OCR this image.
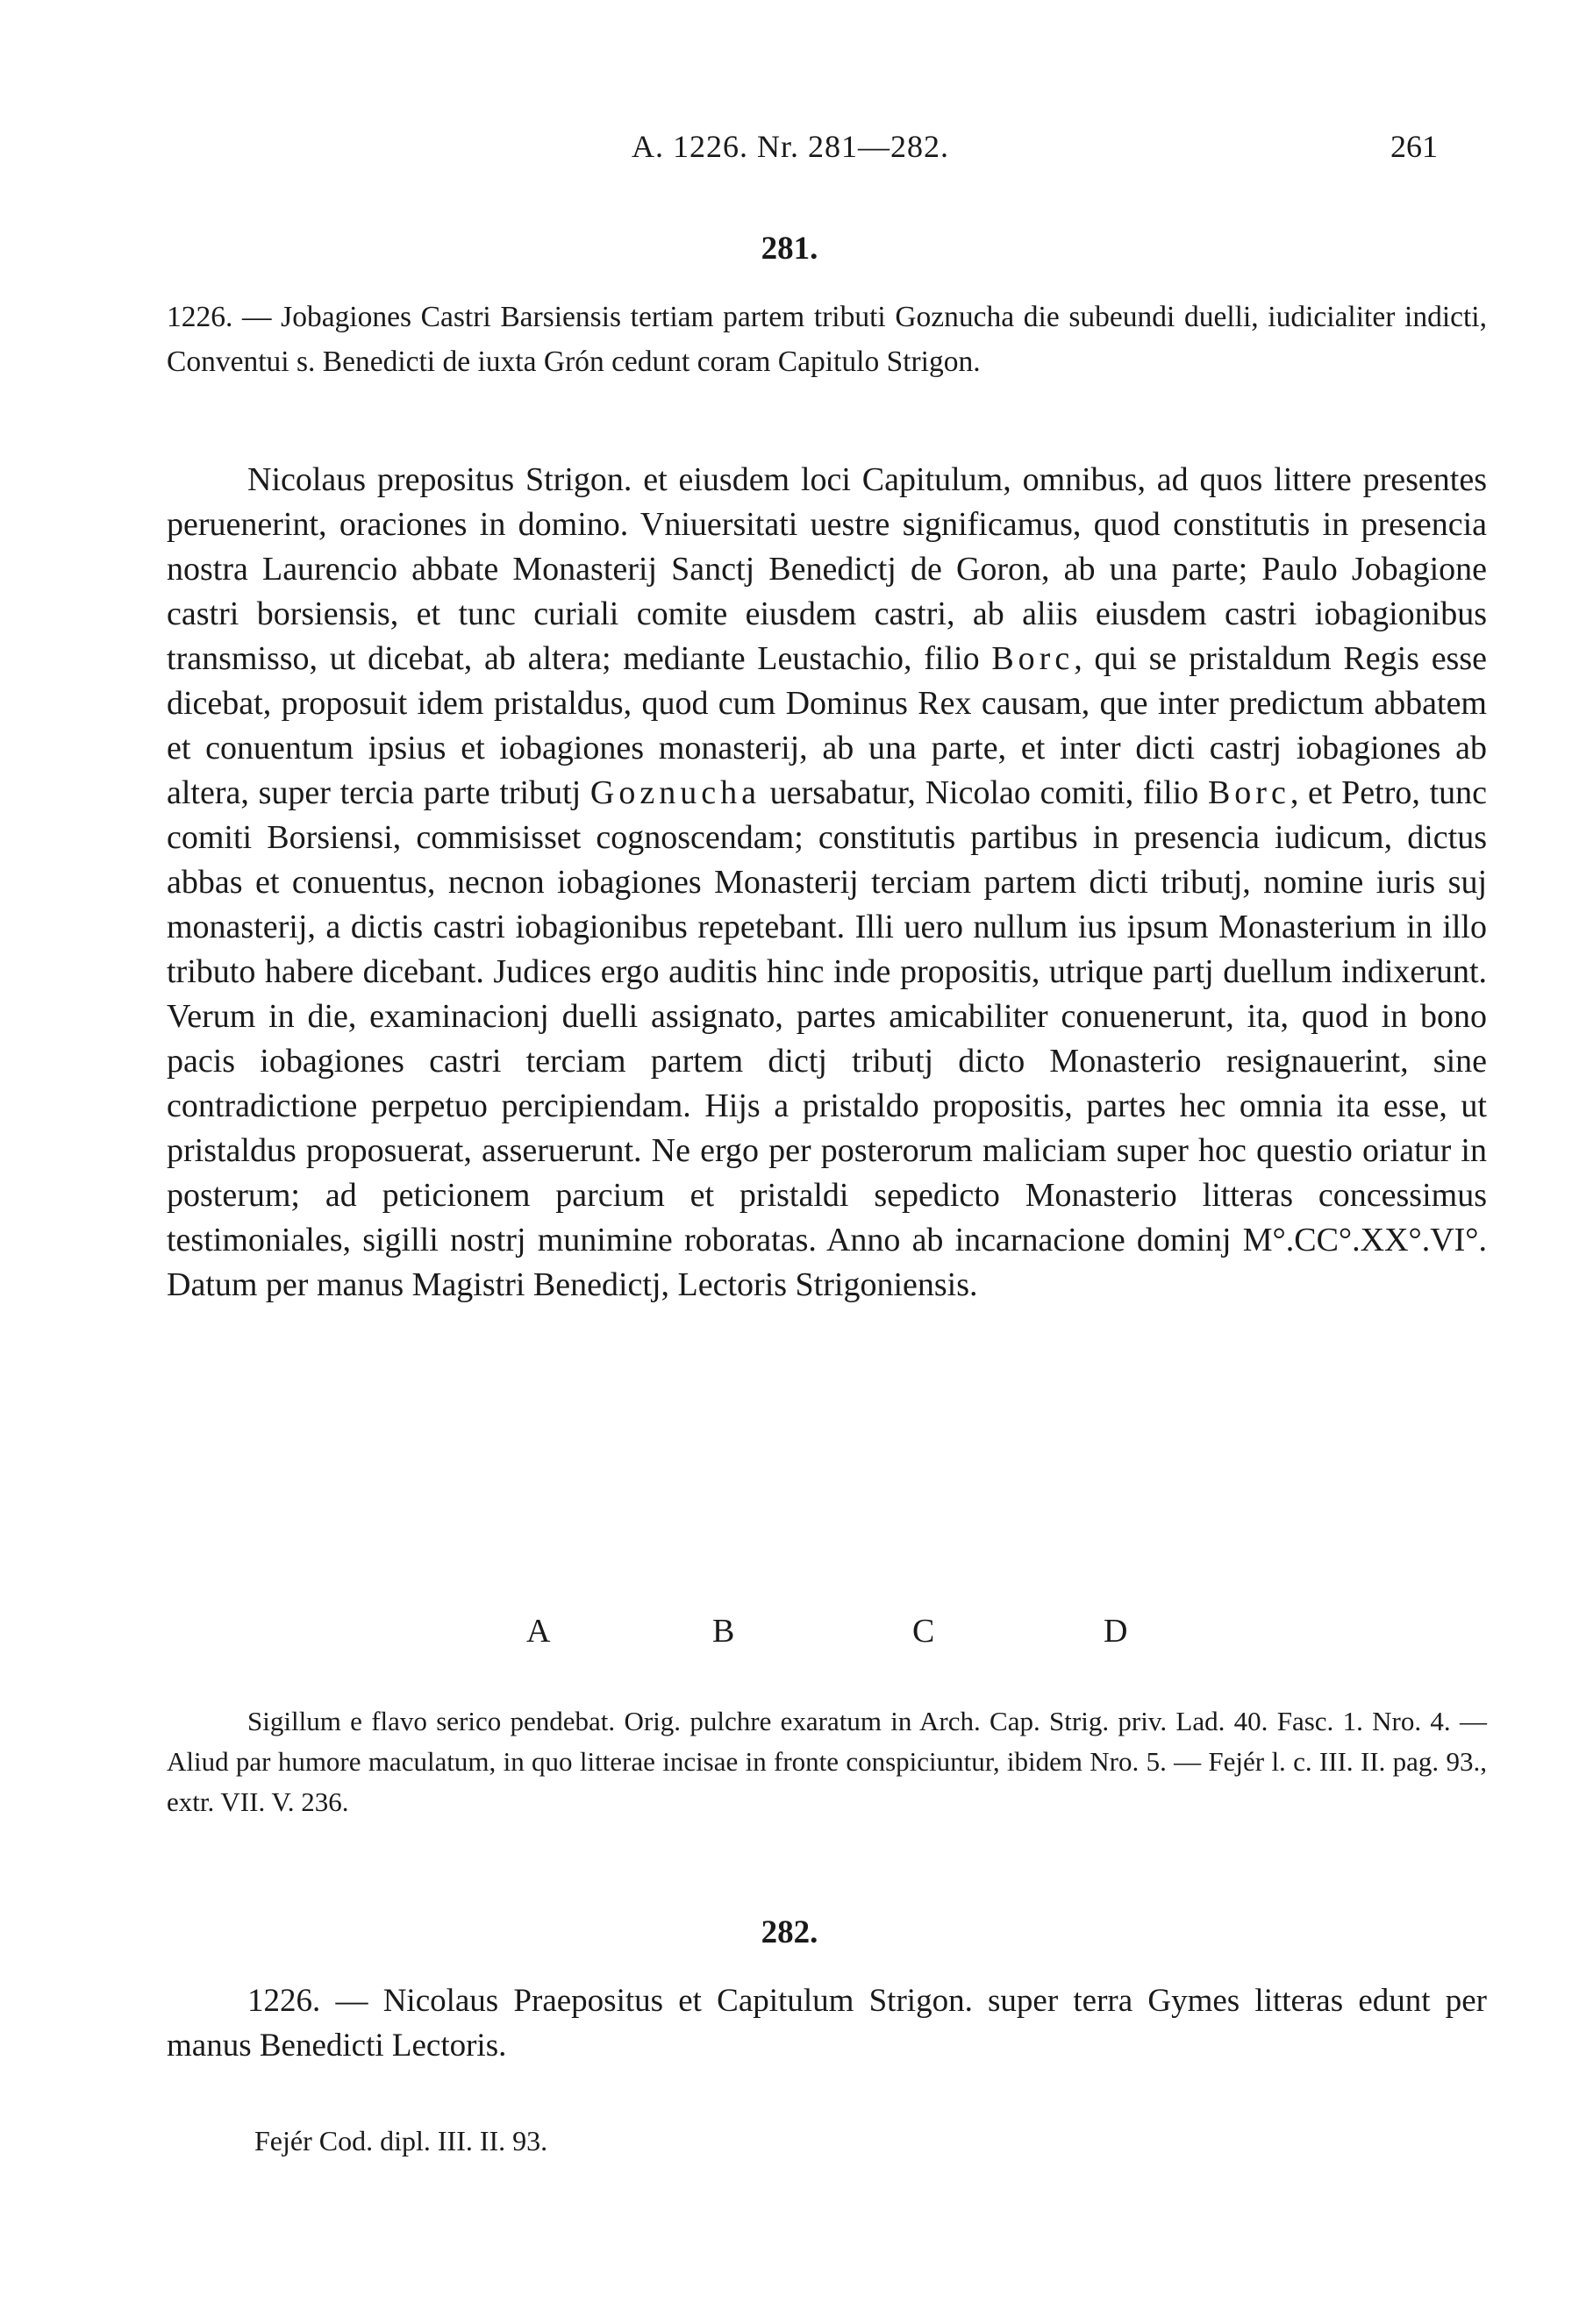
A. 1226. Nr. 281—282.	261
281.
1226. — Jobagiones Castri Barsiensis tertiam partem tributi Goznucha die subeundi duelli, iudicialiter indicti, Conventui s. Benedicti de iuxta Grón cedunt coram Capitulo Strigon.
Nicolaus prepositus Strigon. et eiusdem loci Capitulum, omnibus, ad quos littere presentes peruenerint, oraciones in domino. Vniuersitati uestre significamus, quod constitutis in presencia nostra Laurencio abbate Monasterij Sanctj Benedictj de Goron, ab una parte; Paulo Jobagione castri borsiensis, et tunc curiali comite eiusdem castri, ab aliis eiusdem castri iobagionibus transmisso, ut dicebat, ab altera; mediante Leustachio, filio Borc, qui se pristaldum Regis esse dicebat, proposuit idem pristaldus, quod cum Dominus Rex causam, que inter predictum abbatem et conuentum ipsius et iobagiones monasterij, ab una parte, et inter dicti castrj iobagiones ab altera, super tercia parte tributj Goznucha uersabatur, Nicolao comiti, filio Borc, et Petro, tunc comiti Borsiensi, commisisset cognoscendam; constitutis partibus in presencia iudicum, dictus abbas et conuentus, necnon iobagiones Monasterij terciam partem dicti tributj, nomine iuris suj monasterij, a dictis castri iobagionibus repetebant. Illi uero nullum ius ipsum Monasterium in illo tributo habere dicebant. Judices ergo auditis hinc inde propositis, utrique partj duellum indixerunt. Verum in die, examinacionj duelli assignato, partes amicabiliter conuenerunt, ita, quod in bono pacis iobagiones castri terciam partem dictj tributj dicto Monasterio resignauerint, sine contradictione perpetuo percipiendam. Hijs a pristaldo propositis, partes hec omnia ita esse, ut pristaldus proposuerat, asseruerunt. Ne ergo per posterorum maliciam super hoc questio oriatur in posterum; ad peticionem parcium et pristaldi sepedicto Monasterio litteras concessimus testimoniales, sigilli nostrj munimine roboratas. Anno ab incarnacione dominj M°.CC°.XX°.VI°. Datum per manus Magistri Benedictj, Lectoris Strigoniensis.
A	B	C	D
Sigillum e flavo serico pendebat. Orig. pulchre exaratum in Arch. Cap. Strig. priv. Lad. 40. Fasc. 1. Nro. 4. — Aliud par humore maculatum, in quo litterae incisae in fronte conspiciuntur, ibidem Nro. 5. — Fejér l. c. III. II. pag. 93., extr. VII. V. 236.
282.
1226. — Nicolaus Praepositus et Capitulum Strigon. super terra Gymes litteras edunt per manus Benedicti Lectoris.
Fejér Cod. dipl. III. II. 93.
